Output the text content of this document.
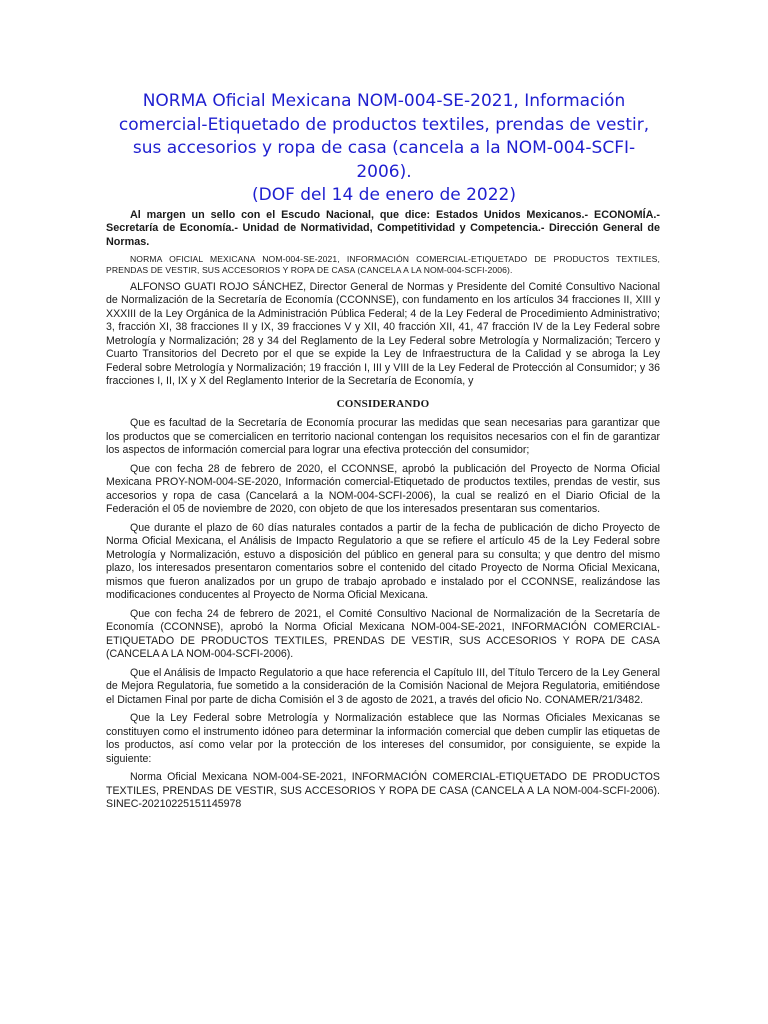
NORMA Oficial Mexicana NOM-004-SE-2021, Información
comercial-Etiquetado de productos textiles, prendas de vestir,
sus accesorios y ropa de casa (cancela a la NOM-004-SCFI-
2006).
(DOF del 14 de enero de 2022)

Al margen un sello con el Escudo Nacional, que dice: Estados Unidos Mexicanos.- ECONOMÍA.- Secretaría de Economía.- Unidad de Normatividad, Competitividad y Competencia.- Dirección General de Normas.

NORMA OFICIAL MEXICANA NOM-004-SE-2021, INFORMACIÓN COMERCIAL-ETIQUETADO DE PRODUCTOS TEXTILES, PRENDAS DE VESTIR, SUS ACCESORIOS Y ROPA DE CASA (CANCELA A LA NOM-004-SCFI-2006).

ALFONSO GUATI ROJO SÁNCHEZ, Director General de Normas y Presidente del Comité Consultivo Nacional de Normalización de la Secretaría de Economía (CCONNSE), con fundamento en los artículos 34 fracciones II, XIII y XXXIII de la Ley Orgánica de la Administración Pública Federal; 4 de la Ley Federal de Procedimiento Administrativo; 3, fracción XI, 38 fracciones II y IX, 39 fracciones V y XII, 40 fracción XII, 41, 47 fracción IV de la Ley Federal sobre Metrología y Normalización; 28 y 34 del Reglamento de la Ley Federal sobre Metrología y Normalización; Tercero y Cuarto Transitorios del Decreto por el que se expide la Ley de Infraestructura de la Calidad y se abroga la Ley Federal sobre Metrología y Normalización; 19 fracción I, III y VIII de la Ley Federal de Protección al Consumidor; y 36 fracciones I, II, IX y X del Reglamento Interior de la Secretaría de Economía, y

CONSIDERANDO

Que es facultad de la Secretaría de Economía procurar las medidas que sean necesarias para garantizar que los productos que se comercialicen en territorio nacional contengan los requisitos necesarios con el fin de garantizar los aspectos de información comercial para lograr una efectiva protección del consumidor;

Que con fecha 28 de febrero de 2020, el CCONNSE, aprobó la publicación del Proyecto de Norma Oficial Mexicana PROY-NOM-004-SE-2020, Información comercial-Etiquetado de productos textiles, prendas de vestir, sus accesorios y ropa de casa (Cancelará a la NOM-004-SCFI-2006), la cual se realizó en el Diario Oficial de la Federación el 05 de noviembre de 2020, con objeto de que los interesados presentaran sus comentarios.

Que durante el plazo de 60 días naturales contados a partir de la fecha de publicación de dicho Proyecto de Norma Oficial Mexicana, el Análisis de Impacto Regulatorio a que se refiere el artículo 45 de la Ley Federal sobre Metrología y Normalización, estuvo a disposición del público en general para su consulta; y que dentro del mismo plazo, los interesados presentaron comentarios sobre el contenido del citado Proyecto de Norma Oficial Mexicana, mismos que fueron analizados por un grupo de trabajo aprobado e instalado por el CCONNSE, realizándose las modificaciones conducentes al Proyecto de Norma Oficial Mexicana.

Que con fecha 24 de febrero de 2021, el Comité Consultivo Nacional de Normalización de la Secretaría de Economía (CCONNSE), aprobó la Norma Oficial Mexicana NOM-004-SE-2021, INFORMACIÓN COMERCIAL-ETIQUETADO DE PRODUCTOS TEXTILES, PRENDAS DE VESTIR, SUS ACCESORIOS Y ROPA DE CASA (CANCELA A LA NOM-004-SCFI-2006).

Que el Análisis de Impacto Regulatorio a que hace referencia el Capítulo III, del Título Tercero de la Ley General de Mejora Regulatoria, fue sometido a la consideración de la Comisión Nacional de Mejora Regulatoria, emitiéndose el Dictamen Final por parte de dicha Comisión el 3 de agosto de 2021, a través del oficio No. CONAMER/21/3482.

Que la Ley Federal sobre Metrología y Normalización establece que las Normas Oficiales Mexicanas se constituyen como el instrumento idóneo para determinar la información comercial que deben cumplir las etiquetas de los productos, así como velar por la protección de los intereses del consumidor, por consiguiente, se expide la siguiente:

Norma Oficial Mexicana NOM-004-SE-2021, INFORMACIÓN COMERCIAL-ETIQUETADO DE PRODUCTOS TEXTILES, PRENDAS DE VESTIR, SUS ACCESORIOS Y ROPA DE CASA (CANCELA A LA NOM-004-SCFI-2006). SINEC-20210225151145978
